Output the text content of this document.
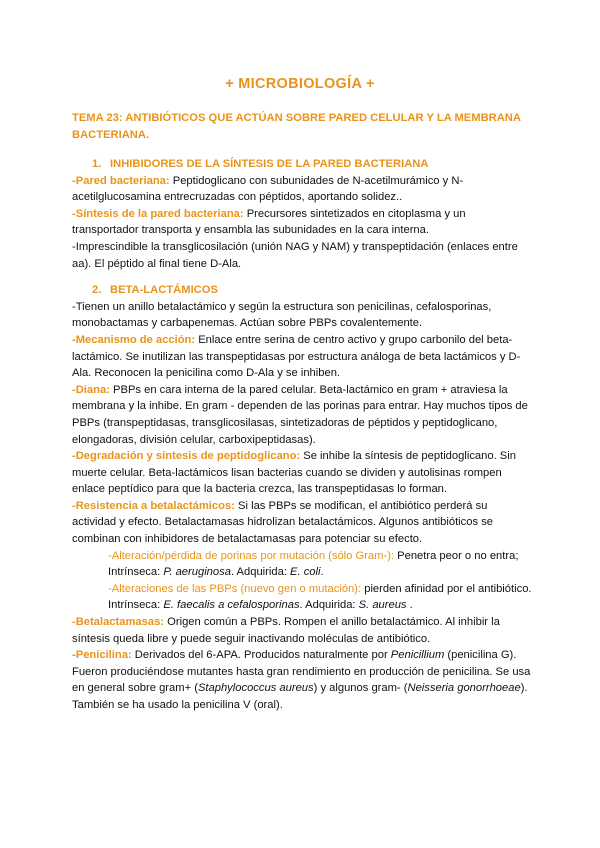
+ MICROBIOLOGÍA +
TEMA 23: ANTIBIÓTICOS QUE ACTÚAN SOBRE PARED CELULAR Y LA MEMBRANA BACTERIANA.

1. INHIBIDORES DE LA SÍNTESIS DE LA PARED BACTERIANA

-Pared bacteriana: Peptidoglicano con subunidades de N-acetilmurámico y N-acetilglucosamina entrecruzadas con péptidos, aportando solidez..

-Síntesis de la pared bacteriana: Precursores sintetizados en citoplasma y un transportador transporta y ensambla las subunidades en la cara interna.

-Imprescindible la transglicosilación (unión NAG y NAM) y transpeptidación (enlaces entre aa). El péptido al final tiene D-Ala.

2. BETA-LACTÁMICOS

-Tienen un anillo betalactámico y según la estructura son penicilinas, cefalosporinas, monobactamas y carbapenemas. Actúan sobre PBPs covalentemente.

-Mecanismo de acción: Enlace entre serina de centro activo y grupo carbonilo del beta-lactámico. Se inutilizan las transpeptidasas por estructura análoga de beta lactámicos y D-Ala. Reconocen la penicilina como D-Ala y se inhiben.

-Diana: PBPs en cara interna de la pared celular. Beta-lactámico en gram + atraviesa la membrana y la inhibe. En gram - dependen de las porinas para entrar. Hay muchos tipos de PBPs (transpeptidasas, transglicosilasas, sintetizadoras de péptidos y peptidoglicano, elongadoras, división celular, carboxipeptidasas).

-Degradación y síntesis de peptidoglicano: Se inhibe la síntesis de peptidoglicano. Sin muerte celular. Beta-lactámicos lisan bacterias cuando se dividen y autolisinas rompen enlace peptídico para que la bacteria crezca, las transpeptidasas lo forman.

-Resistencia a betalactámicos: Si las PBPs se modifican, el antibiótico perderá su actividad y efecto. Betalactamasas hidrolizan betalactámicos. Algunos antibióticos se combinan con inhibidores de betalactamasas para potenciar su efecto.

-Alteración/pérdida de porinas por mutación (sólo Gram-): Penetra peor o no entra; Intrínseca: P. aeruginosa. Adquirida: E. coli.

-Alteraciones de las PBPs (nuevo gen o mutación): pierden afinidad por el antibiótico. Intrínseca: E. faecalis a cefalosporinas. Adquirida: S. aureus .

-Betalactamasas: Origen común a PBPs. Rompen el anillo betalactámico. Al inhibir la síntesis queda libre y puede seguir inactivando moléculas de antibiótico.

-Penicilina: Derivados del 6-APA. Producidos naturalmente por Penicillium (penicilina G). Fueron produciéndose mutantes hasta gran rendimiento en producción de penicilina. Se usa en general sobre gram+ (Staphylococcus aureus) y algunos gram- (Neisseria gonorrhoeae). También se ha usado la penicilina V (oral).
